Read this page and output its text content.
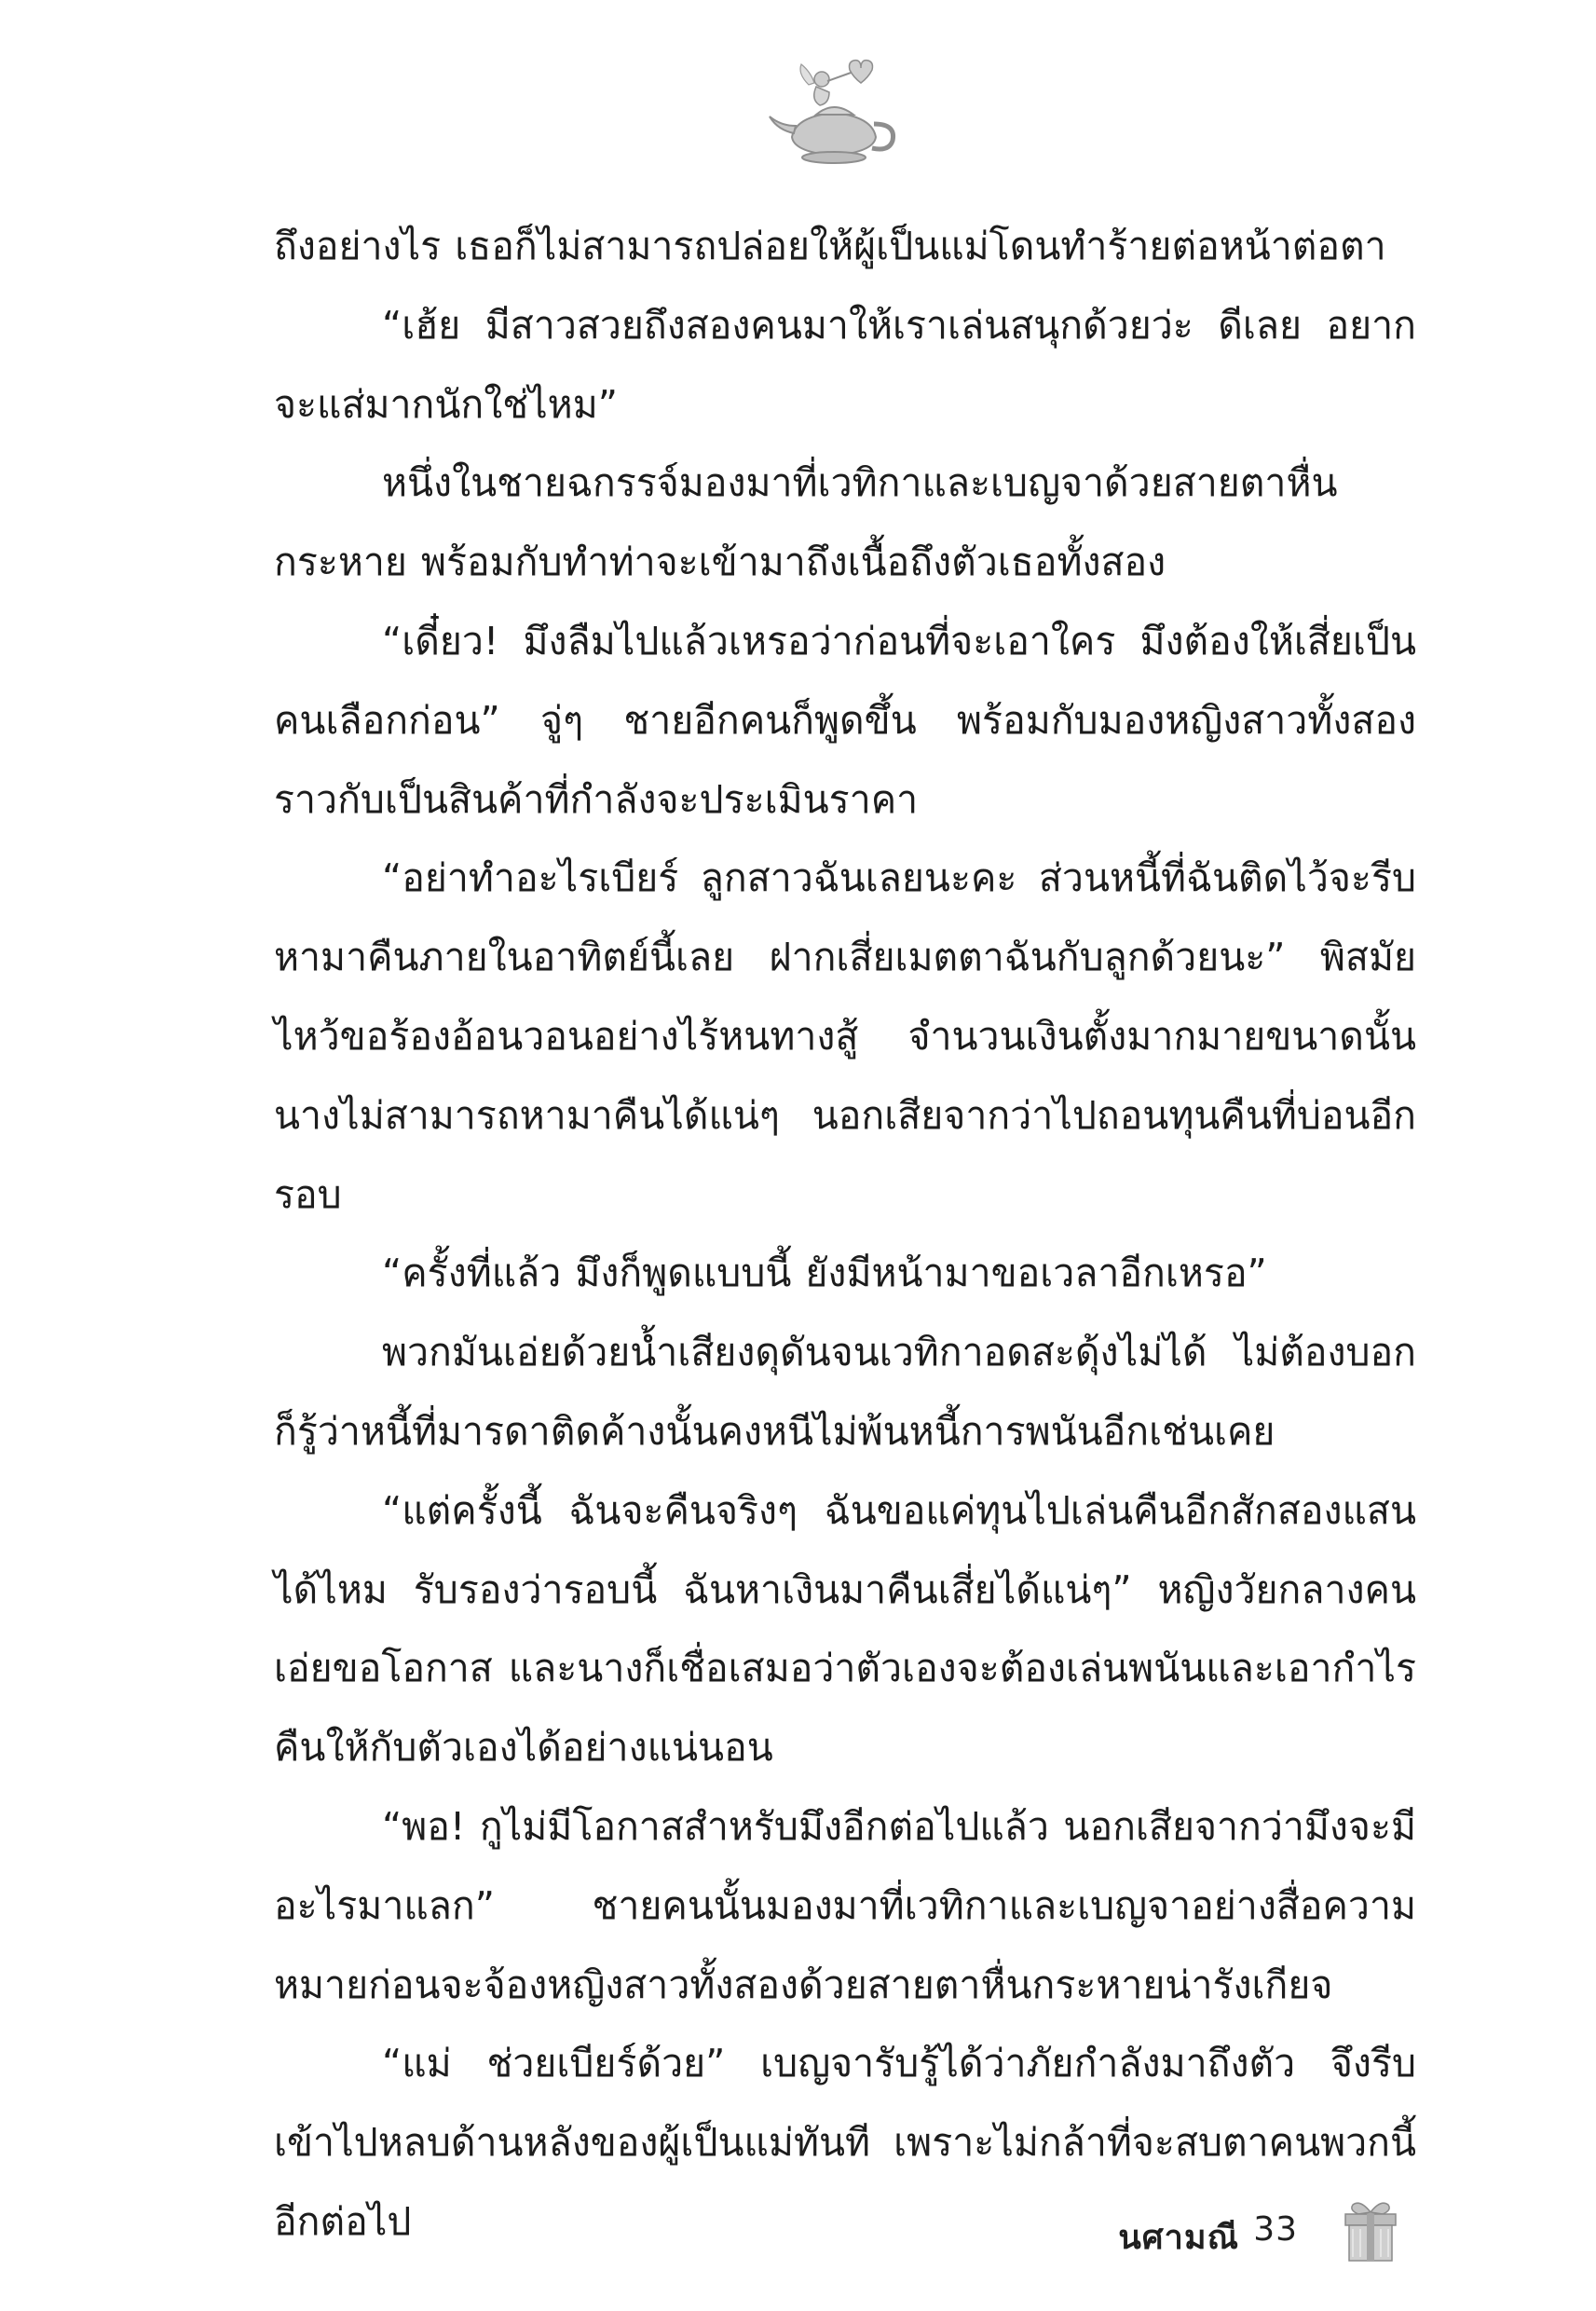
ถึงอย่างไร เธอก็ไม่สามารถปล่อยให้ผู้เป็นแม่โดนทำร้ายต่อหน้าต่อตา

“เฮ้ย มีสาวสวยถึงสองคนมาให้เราเล่นสนุกด้วยว่ะ ดีเลย อยากจะแส่มากนักใช่ไหม”

หนึ่งในชายฉกรรจ์มองมาที่เวทิกาและเบญจาด้วยสายตาหื่นกระหาย พร้อมกับทำท่าจะเข้ามาถึงเนื้อถึงตัวเธอทั้งสอง

“เดี๋ยว! มึงลืมไปแล้วเหรอว่าก่อนที่จะเอาใคร มึงต้องให้เสี่ยเป็นคนเลือกก่อน” จู่ๆ ชายอีกคนก็พูดขึ้น พร้อมกับมองหญิงสาวทั้งสองราวกับเป็นสินค้าที่กำลังจะประเมินราคา

“อย่าทำอะไรเบียร์ ลูกสาวฉันเลยนะคะ ส่วนหนี้ที่ฉันติดไว้จะรีบหามาคืนภายในอาทิตย์นี้เลย ฝากเสี่ยเมตตาฉันกับลูกด้วยนะ” พิสมัยไหว้ขอร้องอ้อนวอนอย่างไร้หนทางสู้ จำนวนเงินตั้งมากมายขนาดนั้นนางไม่สามารถหามาคืนได้แน่ๆ นอกเสียจากว่าไปถอนทุนคืนที่บ่อนอีกรอบ

“ครั้งที่แล้ว มึงก็พูดแบบนี้ ยังมีหน้ามาขอเวลาอีกเหรอ”

พวกมันเอ่ยด้วยน้ำเสียงดุดันจนเวทิกาอดสะดุ้งไม่ได้ ไม่ต้องบอกก็รู้ว่าหนี้ที่มารดาติดค้างนั้นคงหนีไม่พ้นหนี้การพนันอีกเช่นเคย

“แต่ครั้งนี้ ฉันจะคืนจริงๆ ฉันขอแค่ทุนไปเล่นคืนอีกสักสองแสนได้ไหม รับรองว่ารอบนี้ ฉันหาเงินมาคืนเสี่ยได้แน่ๆ” หญิงวัยกลางคนเอ่ยขอโอกาส และนางก็เชื่อเสมอว่าตัวเองจะต้องเล่นพนันและเอากำไรคืนให้กับตัวเองได้อย่างแน่นอน

“พอ! กูไม่มีโอกาสสำหรับมึงอีกต่อไปแล้ว นอกเสียจากว่ามึงจะมีอะไรมาแลก” ชายคนนั้นมองมาที่เวทิกาและเบญจาอย่างสื่อความหมายก่อนจะจ้องหญิงสาวทั้งสองด้วยสายตาหื่นกระหายน่ารังเกียจ

“แม่ ช่วยเบียร์ด้วย” เบญจารับรู้ได้ว่าภัยกำลังมาถึงตัว จึงรีบเข้าไปหลบด้านหลังของผู้เป็นแม่ทันที เพราะไม่กล้าที่จะสบตาคนพวกนี้อีกต่อไป	นศามณี 33
